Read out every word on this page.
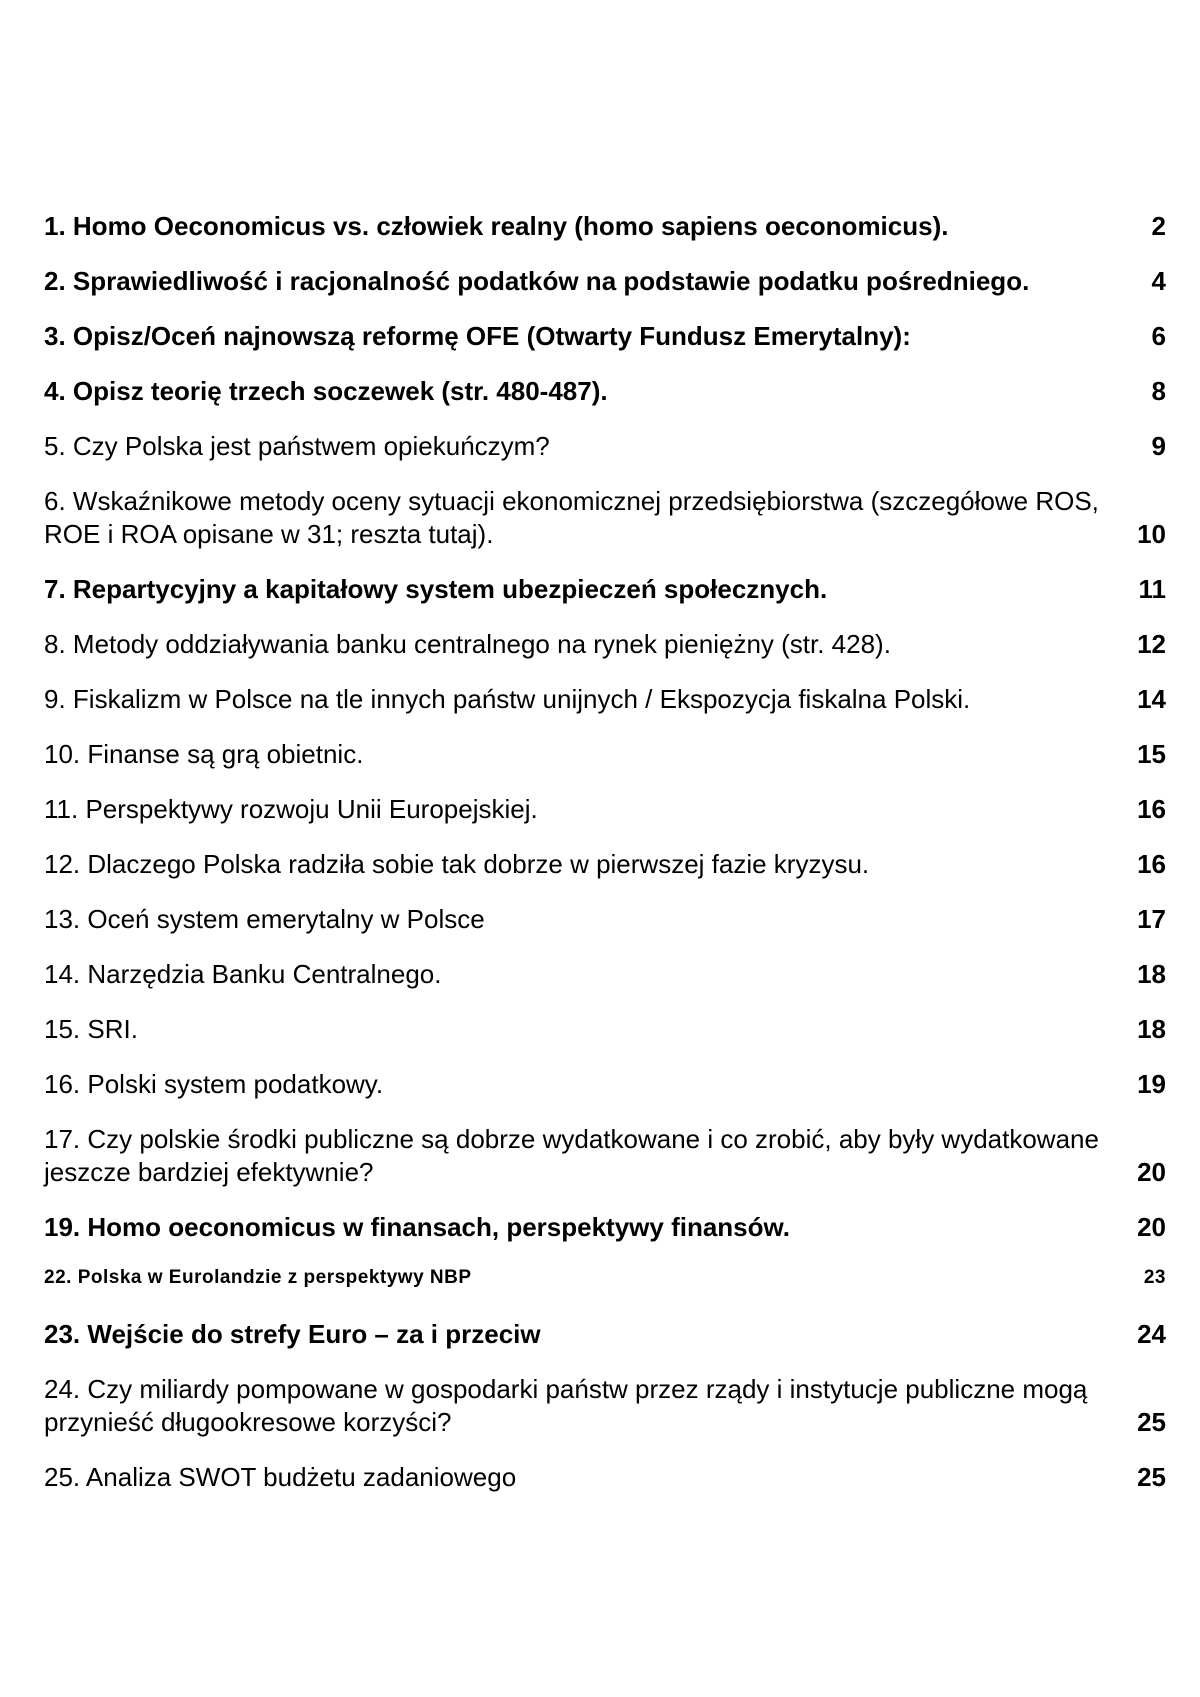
1. Homo Oeconomicus vs. człowiek realny (homo sapiens oeconomicus).	2
2. Sprawiedliwość i racjonalność podatków na podstawie podatku pośredniego.	4
3. Opisz/Oceń najnowszą reformę OFE (Otwarty Fundusz Emerytalny):	6
4. Opisz teorię trzech soczewek (str. 480-487).	8
5. Czy Polska jest państwem opiekuńczym?	9
6. Wskaźnikowe metody oceny sytuacji ekonomicznej przedsiębiorstwa (szczegółowe ROS, ROE i ROA opisane w 31; reszta tutaj).	10
7. Repartycyjny a kapitałowy system ubezpieczeń społecznych.	11
8. Metody oddziaływania banku centralnego na rynek pieniężny (str. 428).	12
9. Fiskalizm w Polsce na tle innych państw unijnych / Ekspozycja fiskalna Polski.	14
10. Finanse są grą obietnic.	15
11. Perspektywy rozwoju Unii Europejskiej.	16
12. Dlaczego Polska radziła sobie tak dobrze w pierwszej fazie kryzysu.	16
13. Oceń system emerytalny w Polsce	17
14. Narzędzia Banku Centralnego.	18
15. SRI.	18
16. Polski system podatkowy.	19
17. Czy polskie środki publiczne są dobrze wydatkowane i co zrobić, aby były wydatkowane jeszcze bardziej efektywnie?	20
19. Homo oeconomicus w finansach, perspektywy finansów.	20
22. Polska w Eurolandzie z perspektywy NBP	23
23. Wejście do strefy Euro – za i przeciw	24
24. Czy miliardy pompowane w gospodarki państw przez rządy i instytucje publiczne mogą przynieść długookresowe korzyści?	25
25. Analiza SWOT budżetu zadaniowego	25
